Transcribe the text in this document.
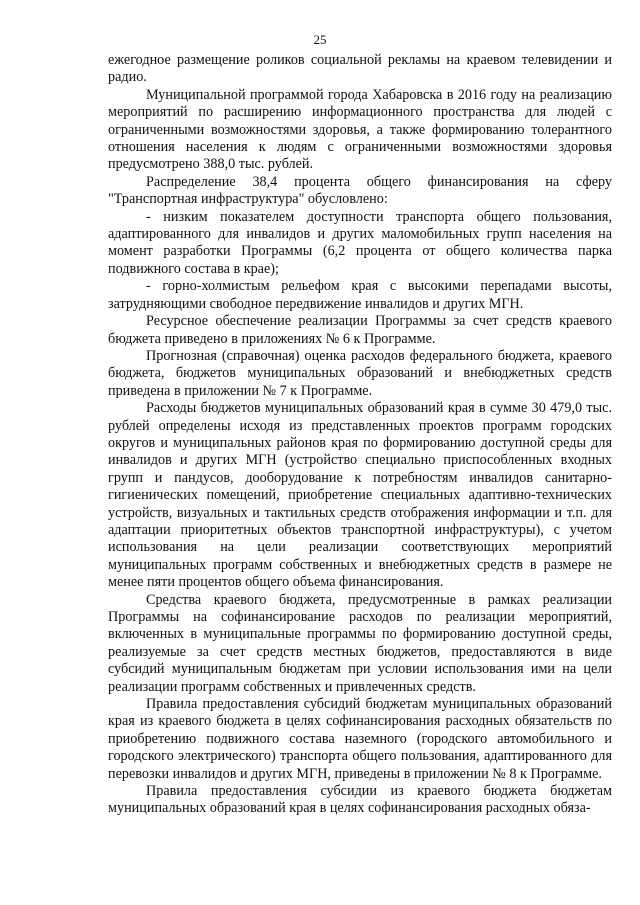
25

ежегодное размещение роликов социальной рекламы на краевом телевидении и радио.

Муниципальной программой города Хабаровска в 2016 году на реализацию мероприятий по расширению информационного пространства для людей с ограниченными возможностями здоровья, а также формированию толерантного отношения населения к людям с ограниченными возможностями здоровья предусмотрено 388,0 тыс. рублей.

Распределение 38,4 процента общего финансирования на сферу "Транспортная инфраструктура" обусловлено:

- низким показателем доступности транспорта общего пользования, адаптированного для инвалидов и других маломобильных групп населения на момент разработки Программы (6,2 процента от общего количества парка подвижного состава в крае);

- горно-холмистым рельефом края с высокими перепадами высоты, затрудняющими свободное передвижение инвалидов и других МГН.

Ресурсное обеспечение реализации Программы за счет средств краевого бюджета приведено в приложениях № 6 к Программе.

Прогнозная (справочная) оценка расходов федерального бюджета, краевого бюджета, бюджетов муниципальных образований и внебюджетных средств приведена в приложении № 7 к Программе.

Расходы бюджетов муниципальных образований края в сумме 30 479,0 тыс. рублей определены исходя из представленных проектов программ городских округов и муниципальных районов края по формированию доступной среды для инвалидов и других МГН (устройство специально приспособленных входных групп и пандусов, дооборудование к потребностям инвалидов санитарно-гигиенических помещений, приобретение специальных адаптивно-технических устройств, визуальных и тактильных средств отображения информации и т.п. для адаптации приоритетных объектов транспортной инфраструктуры), с учетом использования на цели реализации соответствующих мероприятий муниципальных программ собственных и внебюджетных средств в размере не менее пяти процентов общего объема финансирования.

Средства краевого бюджета, предусмотренные в рамках реализации Программы на софинансирование расходов по реализации мероприятий, включенных в муниципальные программы по формированию доступной среды, реализуемые за счет средств местных бюджетов, предоставляются в виде субсидий муниципальным бюджетам при условии использования ими на цели реализации программ собственных и привлеченных средств.

Правила предоставления субсидий бюджетам муниципальных образований края из краевого бюджета в целях софинансирования расходных обязательств по приобретению подвижного состава наземного (городского автомобильного и городского электрического) транспорта общего пользования, адаптированного для перевозки инвалидов и других МГН, приведены в приложении № 8 к Программе.

Правила предоставления субсидии из краевого бюджета бюджетам муниципальных образований края в целях софинансирования расходных обяза-
